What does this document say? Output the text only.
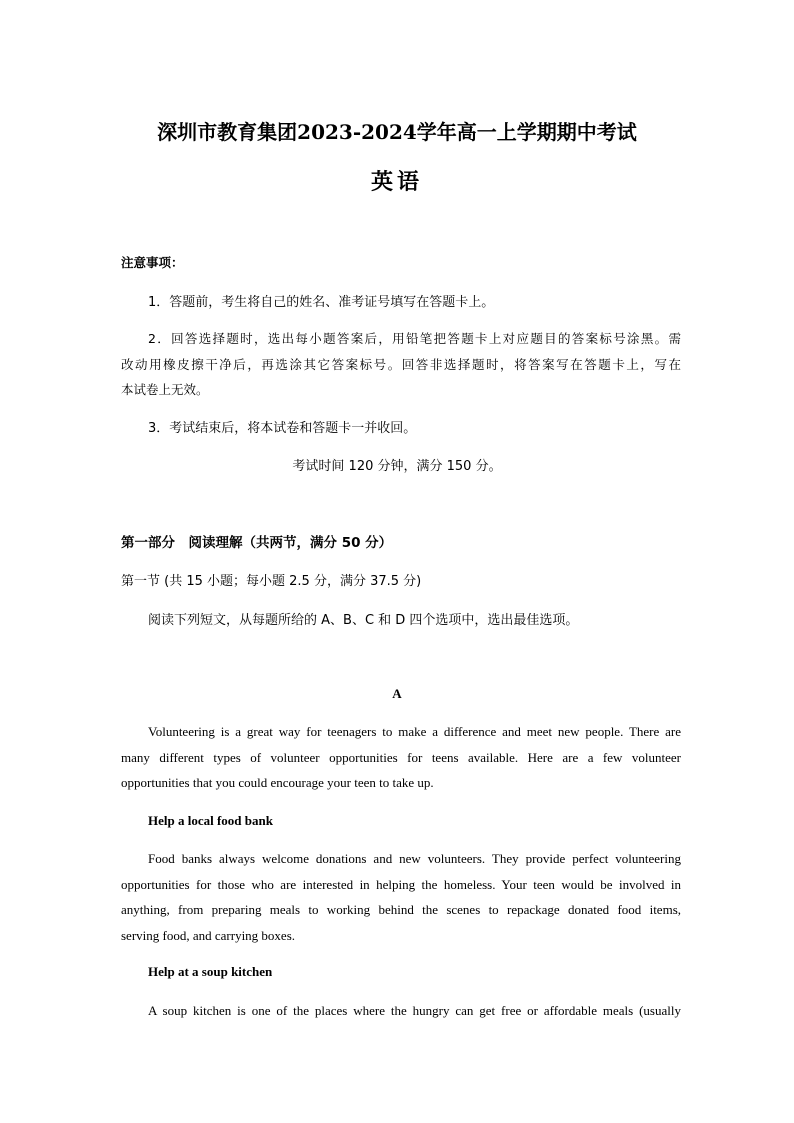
深圳市教育集团2023-2024学年高一上学期期中考试
英语
注意事项：
1．答题前，考生将自己的姓名、准考证号填写在答题卡上。
2．回答选择题时，选出每小题答案后，用铅笔把答题卡上对应题目的答案标号涂黑。需
改动用橡皮擦干净后，再选涂其它答案标号。回答非选择题时，将答案写在答题卡上，写在
本试卷上无效。
3．考试结束后，将本试卷和答题卡一并收回。
考试时间 120 分钟，满分 150 分。
第一部分　阅读理解（共两节，满分 50 分）
第一节 (共 15 小题；每小题 2.5 分，满分 37.5 分)
阅读下列短文，从每题所给的 A、B、C 和 D 四个选项中，选出最佳选项。
A
Volunteering is a great way for teenagers to make a difference and meet new people. There are
many different types of volunteer opportunities for teens available. Here are a few volunteer
opportunities that you could encourage your teen to take up.
Help a local food bank
Food banks always welcome donations and new volunteers. They provide perfect volunteering
opportunities for those who are interested in helping the homeless. Your teen would be involved in
anything, from preparing meals to working behind the scenes to repackage donated food items,
serving food, and carrying boxes.
Help at a soup kitchen
A soup kitchen is one of the places where the hungry can get free or affordable meals (usually
